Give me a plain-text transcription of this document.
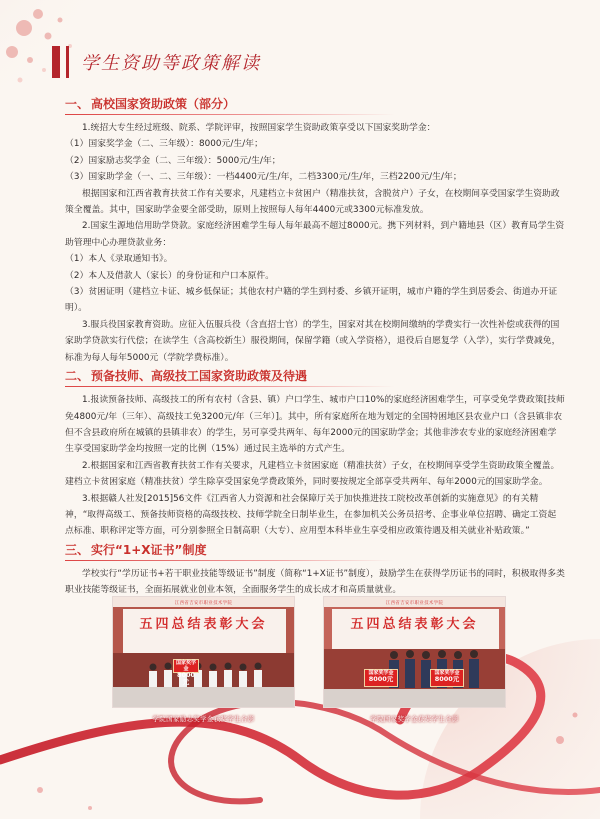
学生资助等政策解读
一、 高校国家资助政策（部分）

1.统招大专生经过班级、院系、学院评审，按照国家学生资助政策享受以下国家奖助学金：

（1）国家奖学金（二、三年级）：8000元/生/年；

（2）国家励志奖学金（二、三年级）：5000元/生/年；

（3）国家助学金（一、二、三年级）：一档4400元/生/年，二档3300元/生/年，三档2200元/生/年；

根据国家和江西省教育扶贫工作有关要求，凡建档立卡贫困户（精准扶贫，含脱贫户）子女，在校期间享受国家学生资助政策全覆盖。其中，国家助学金要全部受助，原则上按照每人每年4400元或3300元标准发放。

2.国家生源地信用助学贷款。家庭经济困难学生每人每年最高不超过8000元。携下列材料，到户籍地县（区）教育局学生资助管理中心办理贷款业务：

（1）本人《录取通知书》。

（2）本人及借款人（家长）的身份证和户口本原件。

（3）贫困证明（建档立卡证、城乡低保证；其他农村户籍的学生到村委、乡镇开证明，城市户籍的学生到居委会、街道办开证明）。

3.服兵役国家教育资助。应征入伍服兵役（含直招士官）的学生，国家对其在校期间缴纳的学费实行一次性补偿或获得的国家助学贷款实行代偿；在读学生（含高校新生）服役期间，保留学籍（或入学资格），退役后自愿复学（入学），实行学费减免，标准为每人每年5000元（学院学费标准）。

二、 预备技师、高级技工国家资助政策及待遇

1.报读预备技师、高级技工的所有农村（含县、镇）户口学生、城市户口10%的家庭经济困难学生，可享受免学费政策[技师免4800元/年（三年）、高级技工免3200元/年（三年）]。其中，所有家庭所在地为划定的全国特困地区县农业户口（含县镇非农但不含县政府所在城镇的县镇非农）的学生，另可享受共两年、每年2000元的国家助学金；其他非涉农专业的家庭经济困难学生享受国家助学金均按照一定的比例（15%）通过民主选举的方式产生。

2.根据国家和江西省教育扶贫工作有关要求，凡建档立卡贫困家庭（精准扶贫）子女，在校期间享受学生资助政策全覆盖。建档立卡贫困家庭（精准扶贫）学生除享受国家免学费政策外，同时要按规定全部享受共两年、每年2000元的国家助学金。

3.根据赣人社发[2015]56文件《江西省人力资源和社会保障厅关于加快推进技工院校改革创新的实施意见》的有关精神，“取得高级工、预备技师资格的高级技校、技师学院全日制毕业生，在参加机关公务员招考、企事业单位招聘、确定工资起点标准、职称评定等方面，可分别参照全日制高职（大专）、应用型本科毕业生享受相应政策待遇及相关就业补贴政策。”

三、 实行“1+X证书”制度

学校实行“学历证书+若干职业技能等级证书”制度（简称“1+X证书”制度），鼓励学生在获得学历证书的同时，积极取得多类职业技能等级证书，全面拓展就业创业本领，全面服务学生的成长成才和高质量就业。

江西省吉安市职业技术学院
五四总结表彰大会
国家奖学金
8000元
学院国家励志奖学金获奖学生合影
江西省吉安市职业技术学院
五四总结表彰大会
国家奖学金
8000元
国家奖学金
8000元
学院国家奖学金获奖学生合影
